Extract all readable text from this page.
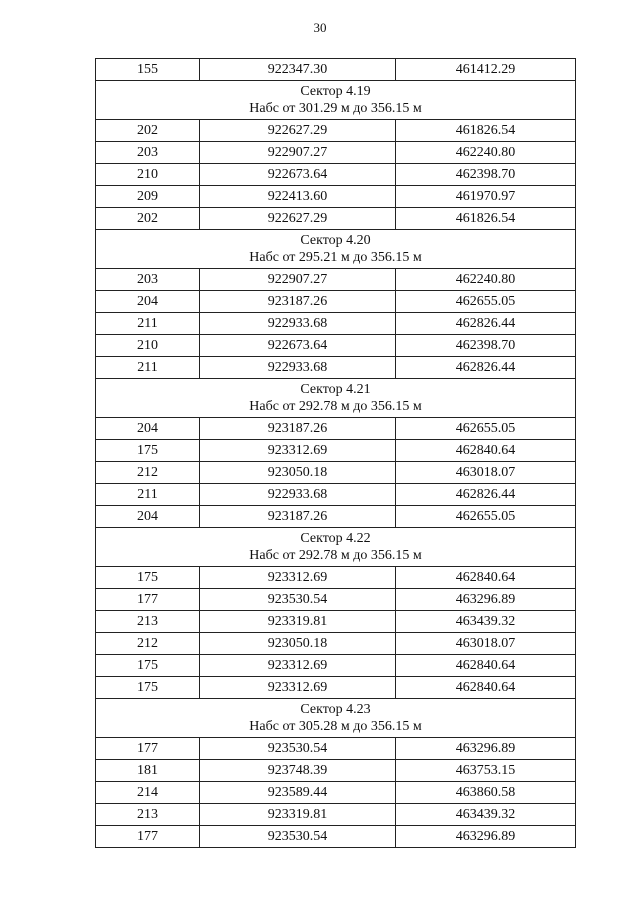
30
155	922347.30	461412.29

Сектор 4.19
Набс от 301.29 м до 356.15 м		

202	922627.29	461826.54
203	922907.27	462240.80
210	922673.64	462398.70
209	922413.60	461970.97
202	922627.29	461826.54

Сектор 4.20
Набс от 295.21 м до 356.15 м		

203	922907.27	462240.80
204	923187.26	462655.05
211	922933.68	462826.44
210	922673.64	462398.70
211	922933.68	462826.44

Сектор 4.21
Набс от 292.78 м до 356.15 м		

204	923187.26	462655.05
175	923312.69	462840.64
212	923050.18	463018.07
211	922933.68	462826.44
204	923187.26	462655.05

Сектор 4.22
Набс от 292.78 м до 356.15 м		

175	923312.69	462840.64
177	923530.54	463296.89
213	923319.81	463439.32
212	923050.18	463018.07
175	923312.69	462840.64
175	923312.69	462840.64

Сектор 4.23
Набс от 305.28 м до 356.15 м		

177	923530.54	463296.89
181	923748.39	463753.15
214	923589.44	463860.58
213	923319.81	463439.32
177	923530.54	463296.89
